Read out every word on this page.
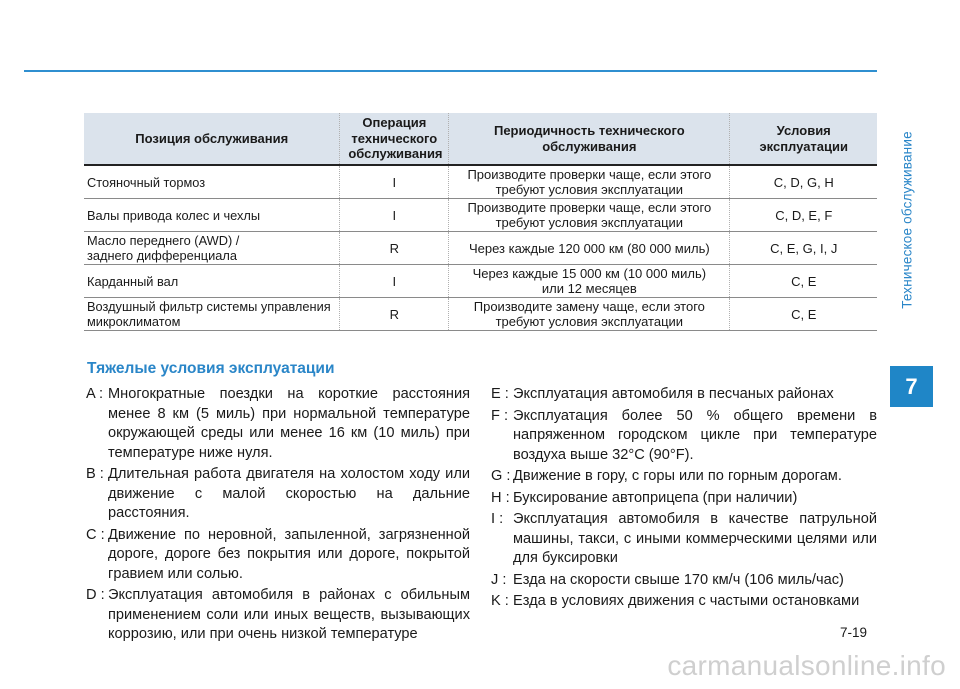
Техническое обслуживание
7
Позиция обслуживания	Операция технического обслуживания	Периодичность технического обслуживания	Условия эксплуатации

Стояночный тормоз	I	Производите проверки чаще, если этого требуют условия эксплуатации	C, D, G, H
Валы привода колес и чехлы	I	Производите проверки чаще, если этого требуют условия эксплуатации	C, D, E, F

Масло переднего (AWD) / заднего дифференциала	R	Через каждые 120 000 км (80 000 миль)	C, E, G, I, J
Карданный вал	I	Через каждые 15 000 км (10 000 миль) или 12 месяцев	C, E
Воздушный фильтр системы управления микроклиматом	R	Производите замену чаще, если этого требуют условия эксплуатации	C, E
Тяжелые условия эксплуатации
A : Многократные поездки на короткие расстояния менее 8 км (5 миль) при нормальной температуре окружающей среды или менее 16 км (10 миль) при температуре ниже нуля.
B : Длительная работа двигателя на холостом ходу или движение с малой скоростью на дальние расстояния.
C : Движение по неровной, запыленной, загрязненной дороге, дороге без покрытия или дороге, покрытой гравием или солью.
D : Эксплуатация автомобиля в районах с обильным применением соли или иных веществ, вызывающих коррозию, или при очень низкой температуре
E : Эксплуатация автомобиля в песчаных районах
F : Эксплуатация более 50 % общего времени в напряженном городском цикле при температуре воздуха выше 32°C (90°F).
G : Движение в гору, с горы или по горным дорогам.
H : Буксирование автоприцепа (при наличии)
I : Эксплуатация автомобиля в качестве патрульной машины, такси, с иными коммерческими целями или для буксировки
J : Езда на скорости свыше 170 км/ч (106 миль/час)
K : Езда в условиях движения с частыми остановками
7-19
carmanualsonline.info
